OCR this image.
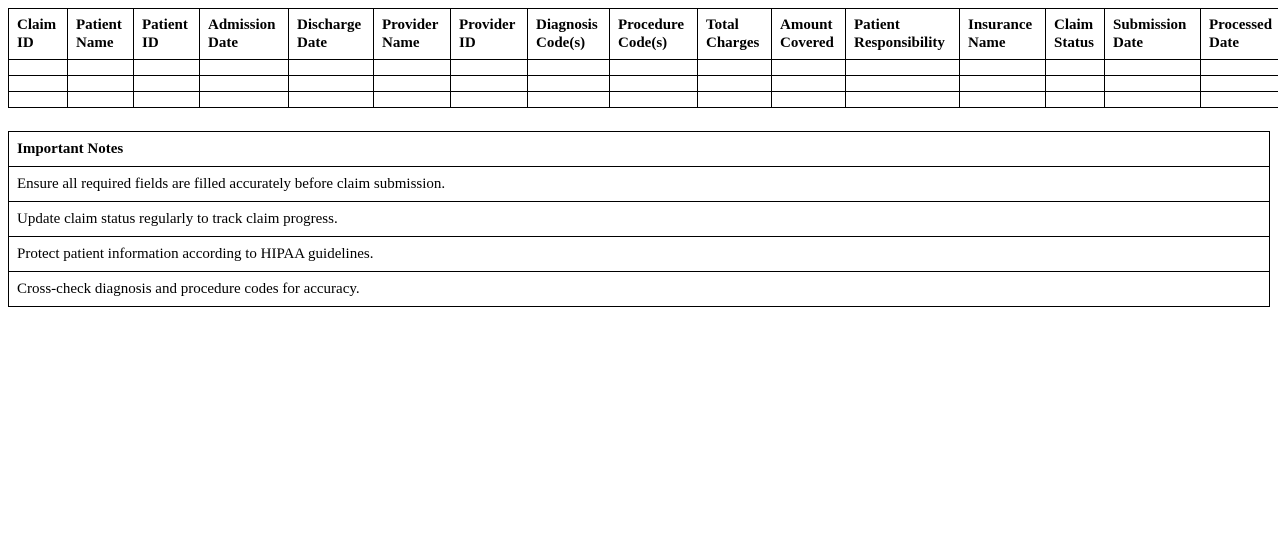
Claim ID	Patient Name	Patient ID	Admission Date	Discharge Date	Provider Name	Provider ID	Diagnosis Code(s)	Procedure Code(s)	Total Charges	Amount Covered	Patient Responsibility	Insurance Name	Claim Status	Submission Date	Processed Date

Important Notes
Ensure all required fields are filled accurately before claim submission.
Update claim status regularly to track claim progress.
Protect patient information according to HIPAA guidelines.
Cross-check diagnosis and procedure codes for accuracy.
